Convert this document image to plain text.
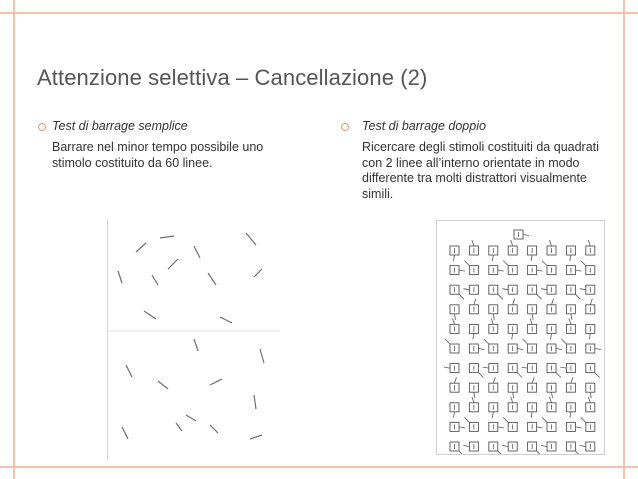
Attenzione selettiva – Cancellazione (2)
Test di barrage semplice
Barrare nel minor tempo possibile uno stimolo costituito da 60 linee.
Test di barrage doppio
Ricercare degli stimoli costituiti da quadrati con 2 linee all’interno orientate in modo differente tra molti distrattori visualmente simili.
